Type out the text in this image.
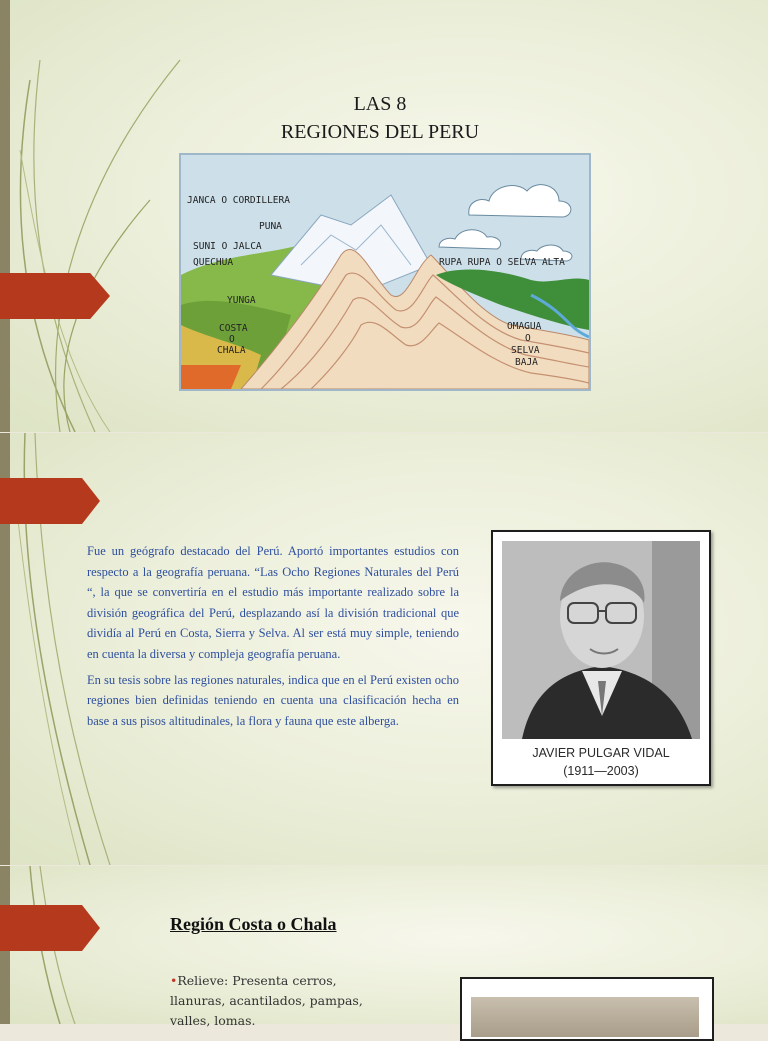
LAS 8
REGIONES DEL PERU
JANCA O CORDILLERA
PUNA
SUNI O JALCA
QUECHUA
YUNGA
COSTA
O
CHALA
RUPA RUPA O SELVA ALTA
OMAGUA
O
SELVA
BAJA

Fue un geógrafo destacado del Perú. Aportó importantes estudios con respecto a la geografía peruana. “Las Ocho Regiones Naturales del Perú “, la que se convertiría en el estudio más importante realizado sobre la división geográfica del Perú, desplazando así la división tradicional que dividía al Perú en Costa, Sierra y Selva. Al ser está muy simple, teniendo en cuenta la diversa y compleja geografía peruana.

En su tesis sobre las regiones naturales, indica que en el Perú existen ocho regiones bien definidas teniendo en cuenta una clasificación hecha en base a sus pisos altitudinales, la flora y fauna que este alberga.

JAVIER PULGAR VIDAL
(1911—2003)
Región Costa o Chala
•Relieve: Presenta cerros, llanuras, acantilados, pampas, valles, lomas.
